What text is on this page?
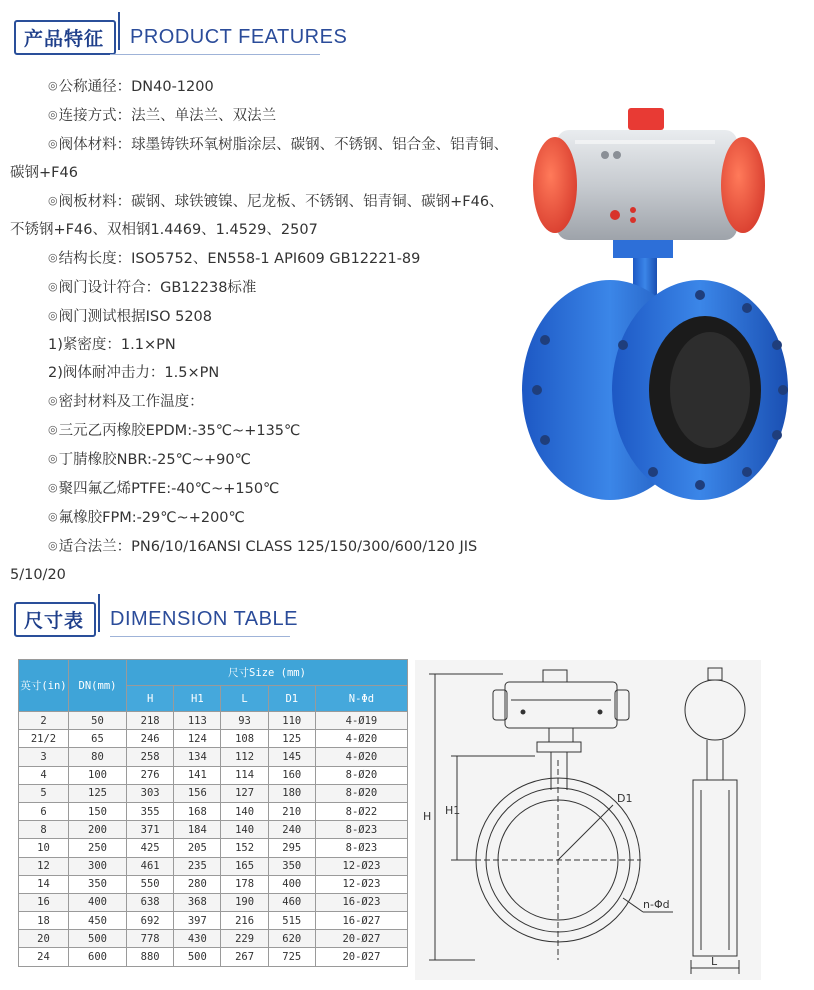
产品特征	PRODUCT FEATURES
◎公称通径：DN40-1200
◎连接方式：法兰、单法兰、双法兰
◎阀体材料：球墨铸铁环氧树脂涂层、碳钢、不锈钢、铝合金、铝青铜、碳钢+F46
◎阀板材料：碳钢、球铁镀镍、尼龙板、不锈钢、铝青铜、碳钢+F46、不锈钢+F46、双相钢1.4469、1.4529、2507
◎结构长度：ISO5752、EN558-1 API609 GB12221-89
◎阀门设计符合：GB12238标准
◎阀门测试根据ISO 5208
1)紧密度：1.1×PN
2)阀体耐冲击力：1.5×PN
◎密封材料及工作温度：
◎三元乙丙橡胶EPDM:-35℃~+135℃
◎丁腈橡胶NBR:-25℃~+90℃
◎聚四氟乙烯PTFE:-40℃~+150℃
◎氟橡胶FPM:-29℃~+200℃
◎适合法兰：PN6/10/16ANSI CLASS 125/150/300/600/120 JIS 5/10/20
尺寸表	DIMENSION TABLE
英寸(in)	DN(mm)	尺寸Size (mm)				
		H	H1	L	D1	N-Φd
2	50	218	113	93	110	4-Ø19
21/2	65	246	124	108	125	4-Ø20
3	80	258	134	112	145	4-Ø20
4	100	276	141	114	160	8-Ø20
5	125	303	156	127	180	8-Ø20
6	150	355	168	140	210	8-Ø22
8	200	371	184	140	240	8-Ø23
10	250	425	205	152	295	8-Ø23
12	300	461	235	165	350	12-Ø23
14	350	550	280	178	400	12-Ø23
16	400	638	368	190	460	16-Ø23
18	450	692	397	216	515	16-Ø27
20	500	778	430	229	620	20-Ø27
24	600	880	500	267	725	20-Ø27
H H1
D1
n-Φd
L
